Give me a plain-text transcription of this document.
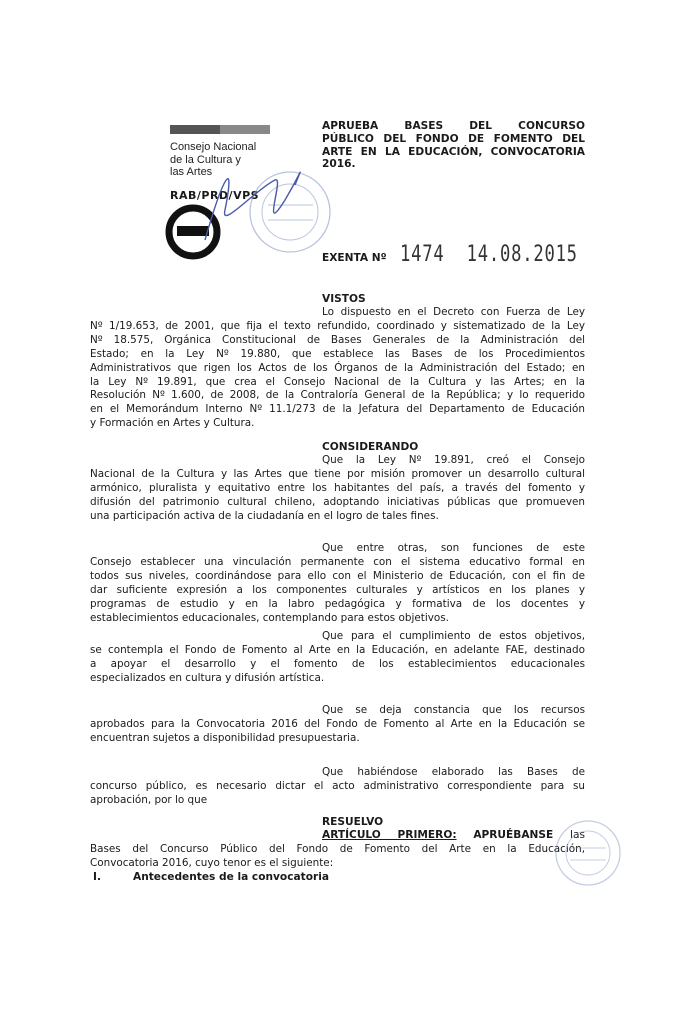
Consejo Nacional
de la Cultura y
las Artes
RAB/PRD/VPS
APRUEBA BASES DEL CONCURSO
PÚBLICO DEL FONDO DE FOMENTO DEL
ARTE EN LA EDUCACIÓN, CONVOCATORIA
2016.
EXENTA Nº 1474 14.08.2015
VISTOS
Lo dispuesto en el Decreto con Fuerza de Ley
Nº 1/19.653, de 2001, que fija el texto refundido, coordinado y sistematizado de la Ley
Nº 18.575, Orgánica Constitucional de Bases Generales de la Administración del
Estado; en la Ley Nº 19.880, que establece las Bases de los Procedimientos
Administrativos que rigen los Actos de los Órganos de la Administración del Estado; en
la Ley Nº 19.891, que crea el Consejo Nacional de la Cultura y las Artes; en la
Resolución Nº 1.600, de 2008, de la Contraloría General de la República; y lo requerido
en el Memorándum Interno Nº 11.1/273 de la Jefatura del Departamento de Educación
y Formación en Artes y Cultura.
CONSIDERANDO
Que la Ley Nº 19.891, creó el Consejo
Nacional de la Cultura y las Artes que tiene por misión promover un desarrollo cultural
armónico, pluralista y equitativo entre los habitantes del país, a través del fomento y
difusión del patrimonio cultural chileno, adoptando iniciativas públicas que promueven
una participación activa de la ciudadanía en el logro de tales fines.
Que entre otras, son funciones de este
Consejo establecer una vinculación permanente con el sistema educativo formal en
todos sus niveles, coordinándose para ello con el Ministerio de Educación, con el fin de
dar suficiente expresión a los componentes culturales y artísticos en los planes y
programas de estudio y en la labro pedagógica y formativa de los docentes y
establecimientos educacionales, contemplando para estos objetivos.
Que para el cumplimiento de estos objetivos,
se contempla el Fondo de Fomento al Arte en la Educación, en adelante FAE, destinado
a apoyar el desarrollo y el fomento de los establecimientos educacionales
especializados en cultura y difusión artística.
Que se deja constancia que los recursos
aprobados para la Convocatoria 2016 del Fondo de Fomento al Arte en la Educación se
encuentran sujetos a disponibilidad presupuestaria.
Que habiéndose elaborado las Bases de
concurso público, es necesario dictar el acto administrativo correspondiente para su
aprobación, por lo que
RESUELVO
ARTÍCULO PRIMERO: APRUÉBANSE las
Bases del Concurso Público del Fondo de Fomento del Arte en la Educación,
Convocatoria 2016, cuyo tenor es el siguiente:
I.	Antecedentes de la convocatoria
